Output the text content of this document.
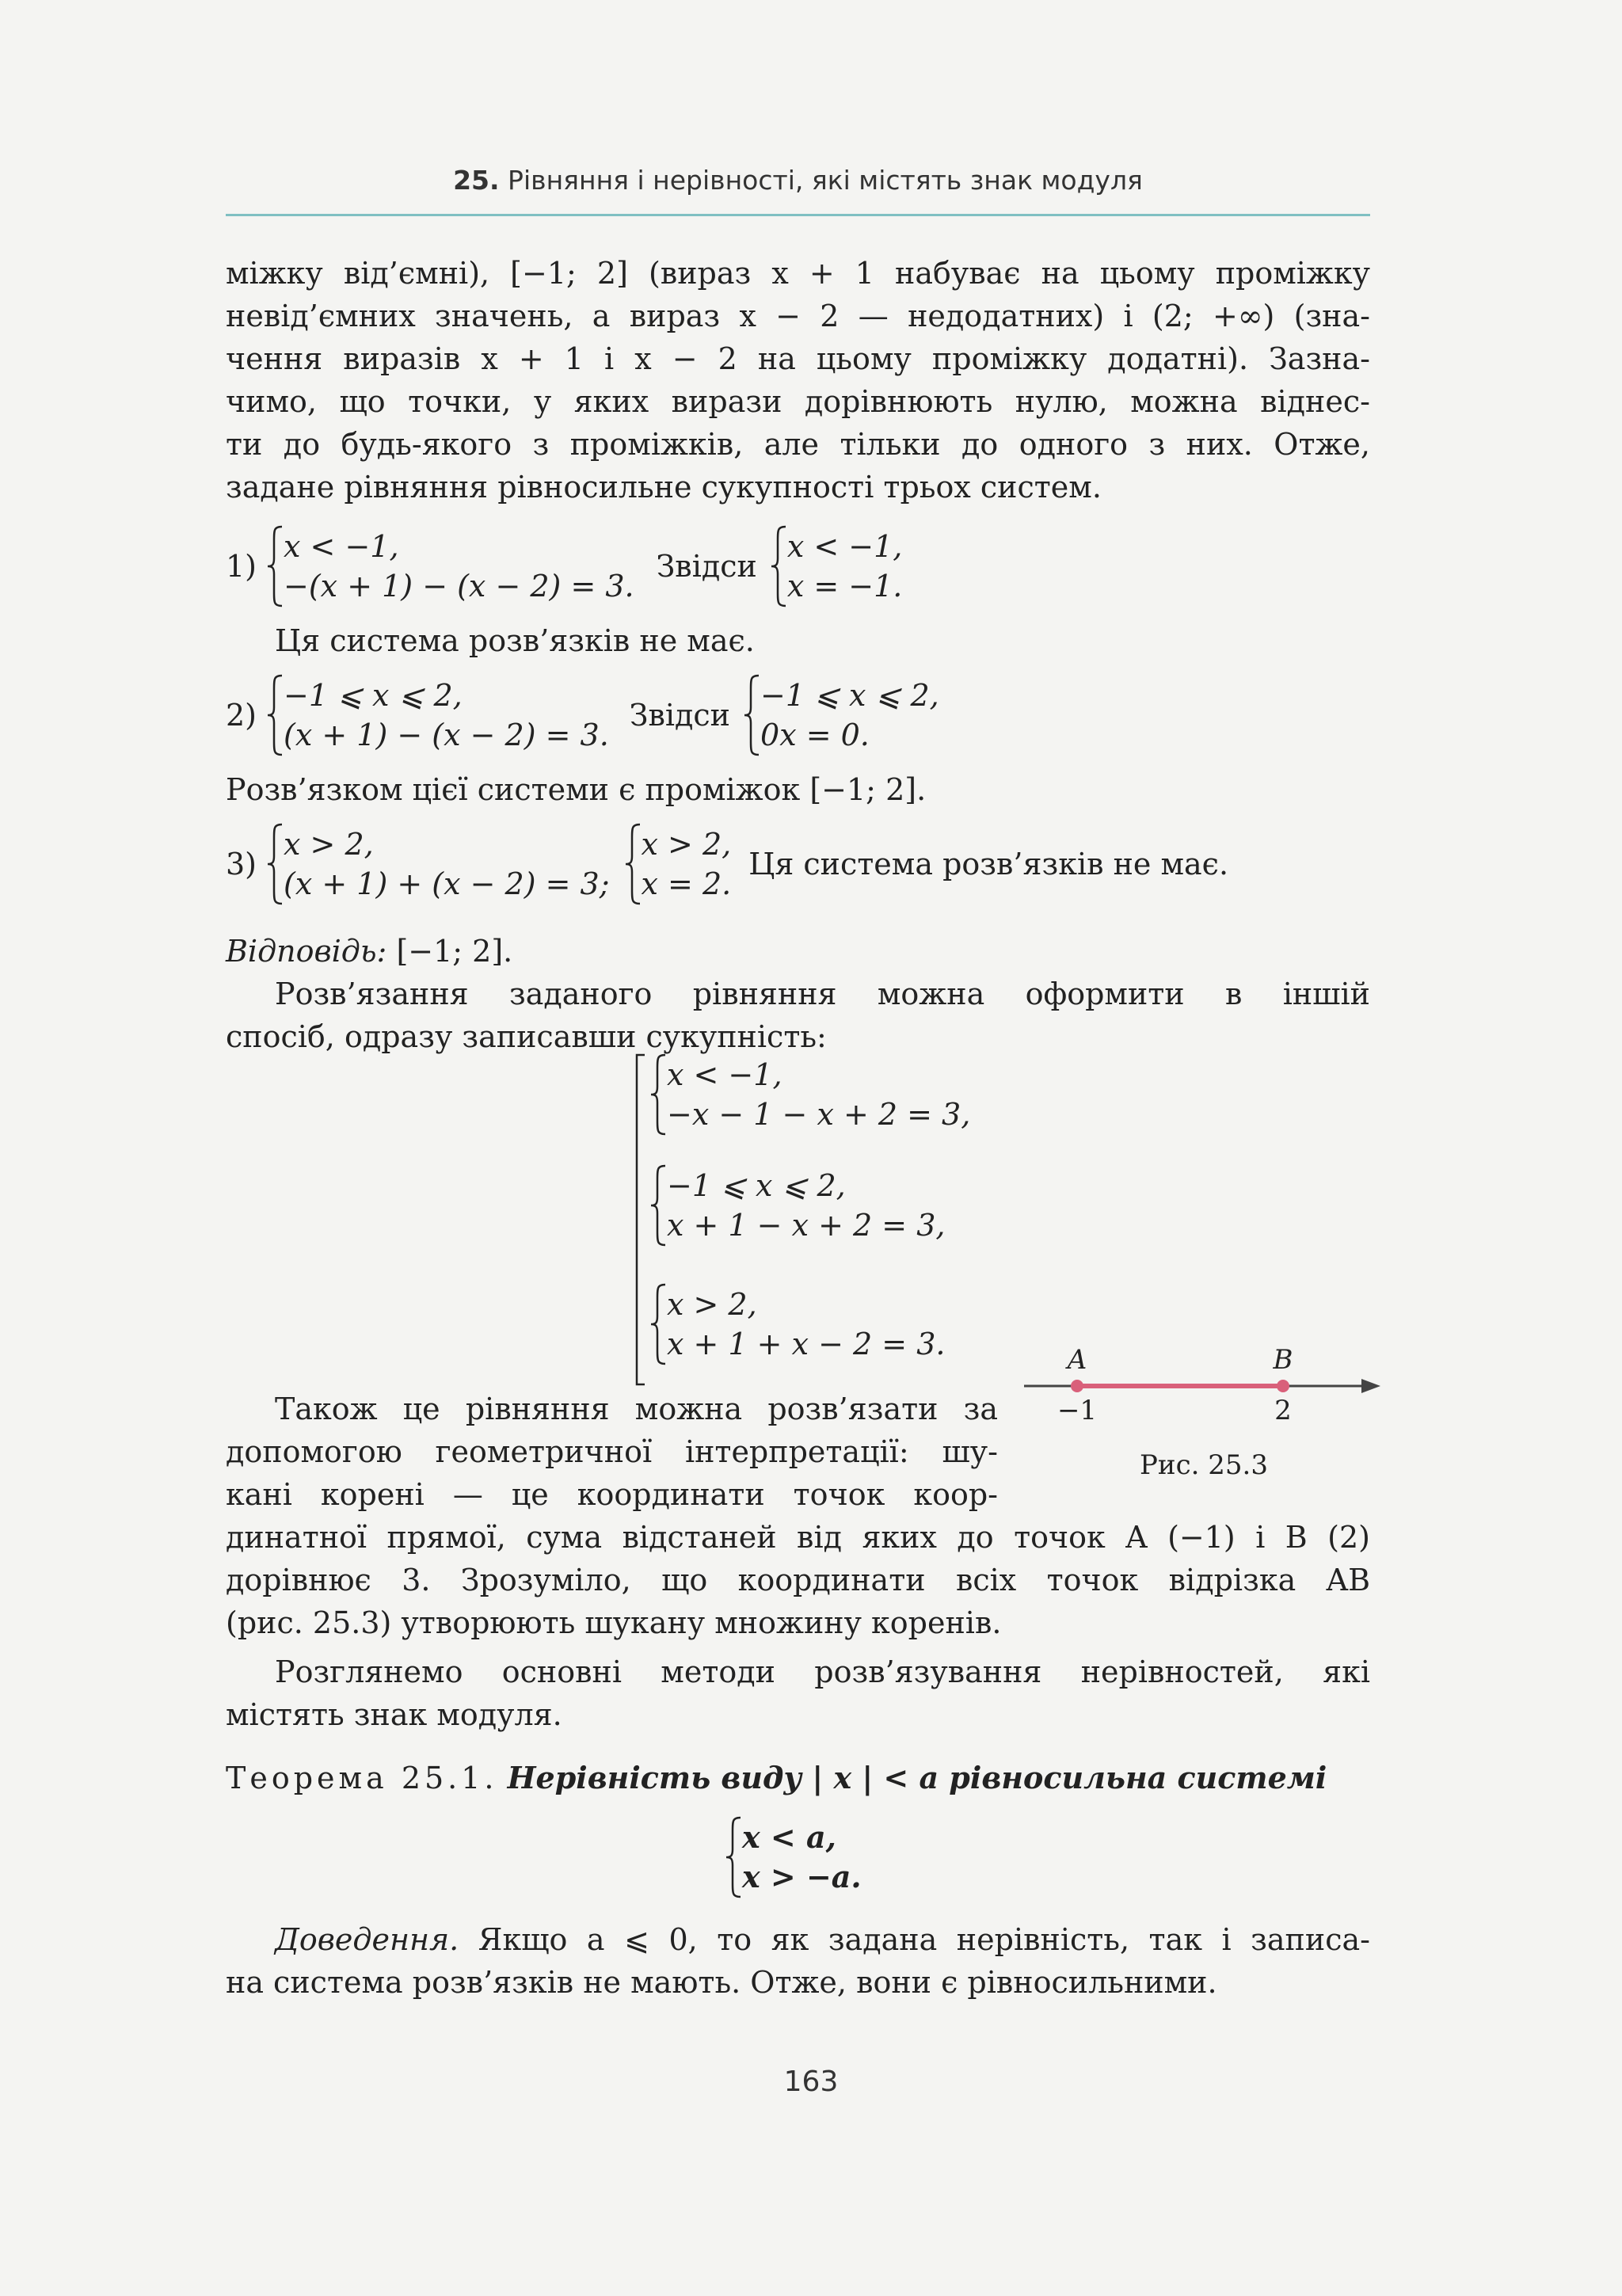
25. Рівняння і нерівності, які містять знак модуля
міжку від’ємні), [−1; 2] (вираз x + 1 набуває на цьому проміжку
невід’ємних значень, а вираз x − 2 — недодатних) і (2; +∞) (зна-
чення виразів x + 1 і x − 2 на цьому проміжку додатні). Зазна-
чимо, що точки, у яких вирази дорівнюють нулю, можна віднес-
ти до будь-якого з проміжків, але тільки до одного з них. Отже,
задане рівняння рівносильне сукупності трьох систем.
1)
x < −1,
−(x + 1) − (x − 2) = 3.
Звідси
x < −1,
x = −1.
Ця система розв’язків не має.
2)
−1 ⩽ x ⩽ 2,
(x + 1) − (x − 2) = 3.
Звідси
−1 ⩽ x ⩽ 2,
0x = 0.
Розв’язком цієї системи є проміжок [−1; 2].
3)
x > 2,
(x + 1) + (x − 2) = 3;
x > 2,
x = 2.
Ця система розв’язків не має.
Відповідь: [−1; 2].
Розв’язання заданого рівняння можна оформити в іншій
спосіб, одразу записавши сукупність:
x < −1,
−x − 1 − x + 2 = 3,
−1 ⩽ x ⩽ 2,
x + 1 − x + 2 = 3,
x > 2,
x + 1 + x − 2 = 3.	A	B
−1	2
Рис. 25.3
Також це рівняння можна розв’язати за
допомогою геометричної інтерпретації: шу-
кані корені — це координати точок коор-
динатної прямої, сума відстаней від яких до точок A (−1) і B (2)
дорівнює 3. Зрозуміло, що координати всіх точок відрізка AB
(рис. 25.3) утворюють шукану множину коренів.
Розглянемо основні методи розв’язування нерівностей, які
містять знак модуля.
Теорема 25.1. Нерівність виду | x | < a рівносильна системі
x < a,
x > −a.
Доведення. Якщо a ⩽ 0, то як задана нерівність, так і записа-
на система розв’язків не мають. Отже, вони є рівносильними.
163
